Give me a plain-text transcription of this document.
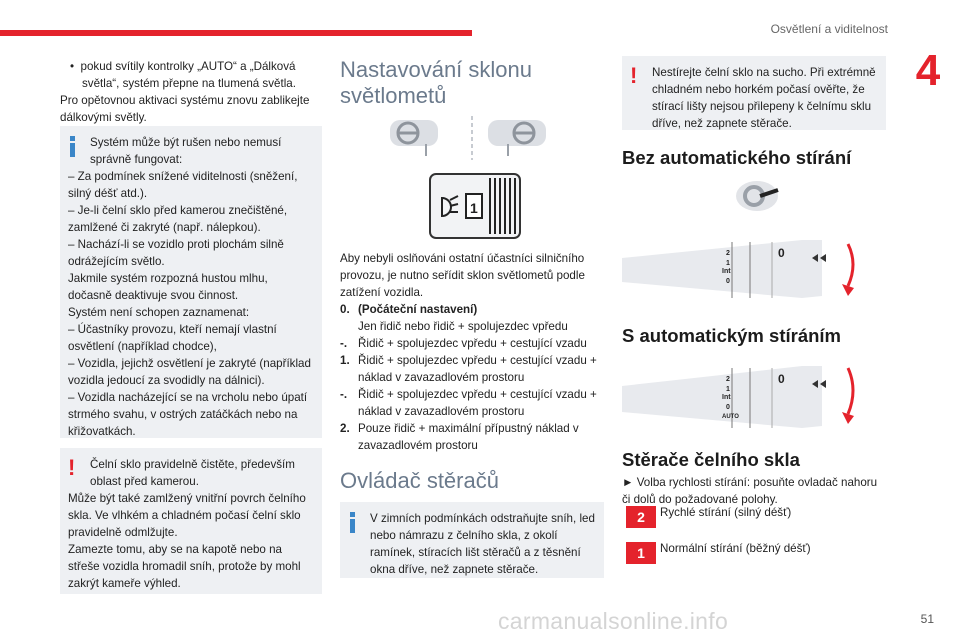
Osvětlení a viditelnost
4

•  pokud svítily kontrolky „AUTO“ a „Dálková světla“, systém přepne na tlumená světla.

Pro opětovnou aktivaci systému znovu zablikejte dálkovými světly.

Systém může být rušen nebo nemusí správně fungovat:

– Za podmínek snížené viditelnosti (sněžení, silný déšť atd.).

– Je-li čelní sklo před kamerou znečištěné, zamlžené či zakryté (např. nálepkou).

– Nachází-li se vozidlo proti plochám silně odrážejícím světlo.

Jakmile systém rozpozná hustou mlhu, dočasně deaktivuje svou činnost.

Systém není schopen zaznamenat:

– Účastníky provozu, kteří nemají vlastní osvětlení (například chodce),

– Vozidla, jejichž osvětlení je zakryté (například vozidla jedoucí za svodidly na dálnici).

– Vozidla nacházející se na vrcholu nebo úpatí strmého svahu, v ostrých zatáčkách nebo na křižovatkách.

!	Čelní sklo pravidelně čistěte, především oblast před kamerou.

Může být také zamlžený vnitřní povrch čelního skla. Ve vlhkém a chladném počasí čelní sklo pravidelně odmlžujte.

Zamezte tomu, aby se na kapotě nebo na střeše vozidla hromadil sníh, protože by mohl zakrýt kameře výhled.

Nastavování sklonu světlometů
1

Aby nebyli oslňováni ostatní účastníci silničního provozu, je nutno seřídit sklon světlometů podle zatížení vozidla.

0. (Počáteční nastavení)
Jen řidič nebo řidič + spolujezdec vpředu
-. Řidič + spolujezdec vpředu + cestující vzadu
1. Řidič + spolujezdec vpředu + cestující vzadu + náklad v zavazadlovém prostoru
-. Řidič + spolujezdec vpředu + cestující vzadu + náklad v zavazadlovém prostoru
2. Pouze řidič + maximální přípustný náklad v zavazadlovém prostoru
Ovládač stěračů

V zimních podmínkách odstraňujte sníh, led nebo námrazu z čelního skla, z okolí ramínek, stíracích lišt stěračů a z těsnění okna dříve, než zapnete stěrače.

!	Nestírejte čelní sklo na sucho. Při extrémně chladném nebo horkém počasí ověřte, že stírací lišty nejsou přilepeny k čelnímu sklu dříve, než zapnete stěrače.

Bez automatického stírání
2
1
Int
0
0
S automatickým stíráním
2
1
Int
0
AUTO
0
Stěrače čelního skla
► Volba rychlosti stírání: posuňte ovladač nahoru či dolů do požadované polohy.
2	Rychlé stírání (silný déšť)
1	Normální stírání (běžný déšť)
carmanualsonline.info	51
